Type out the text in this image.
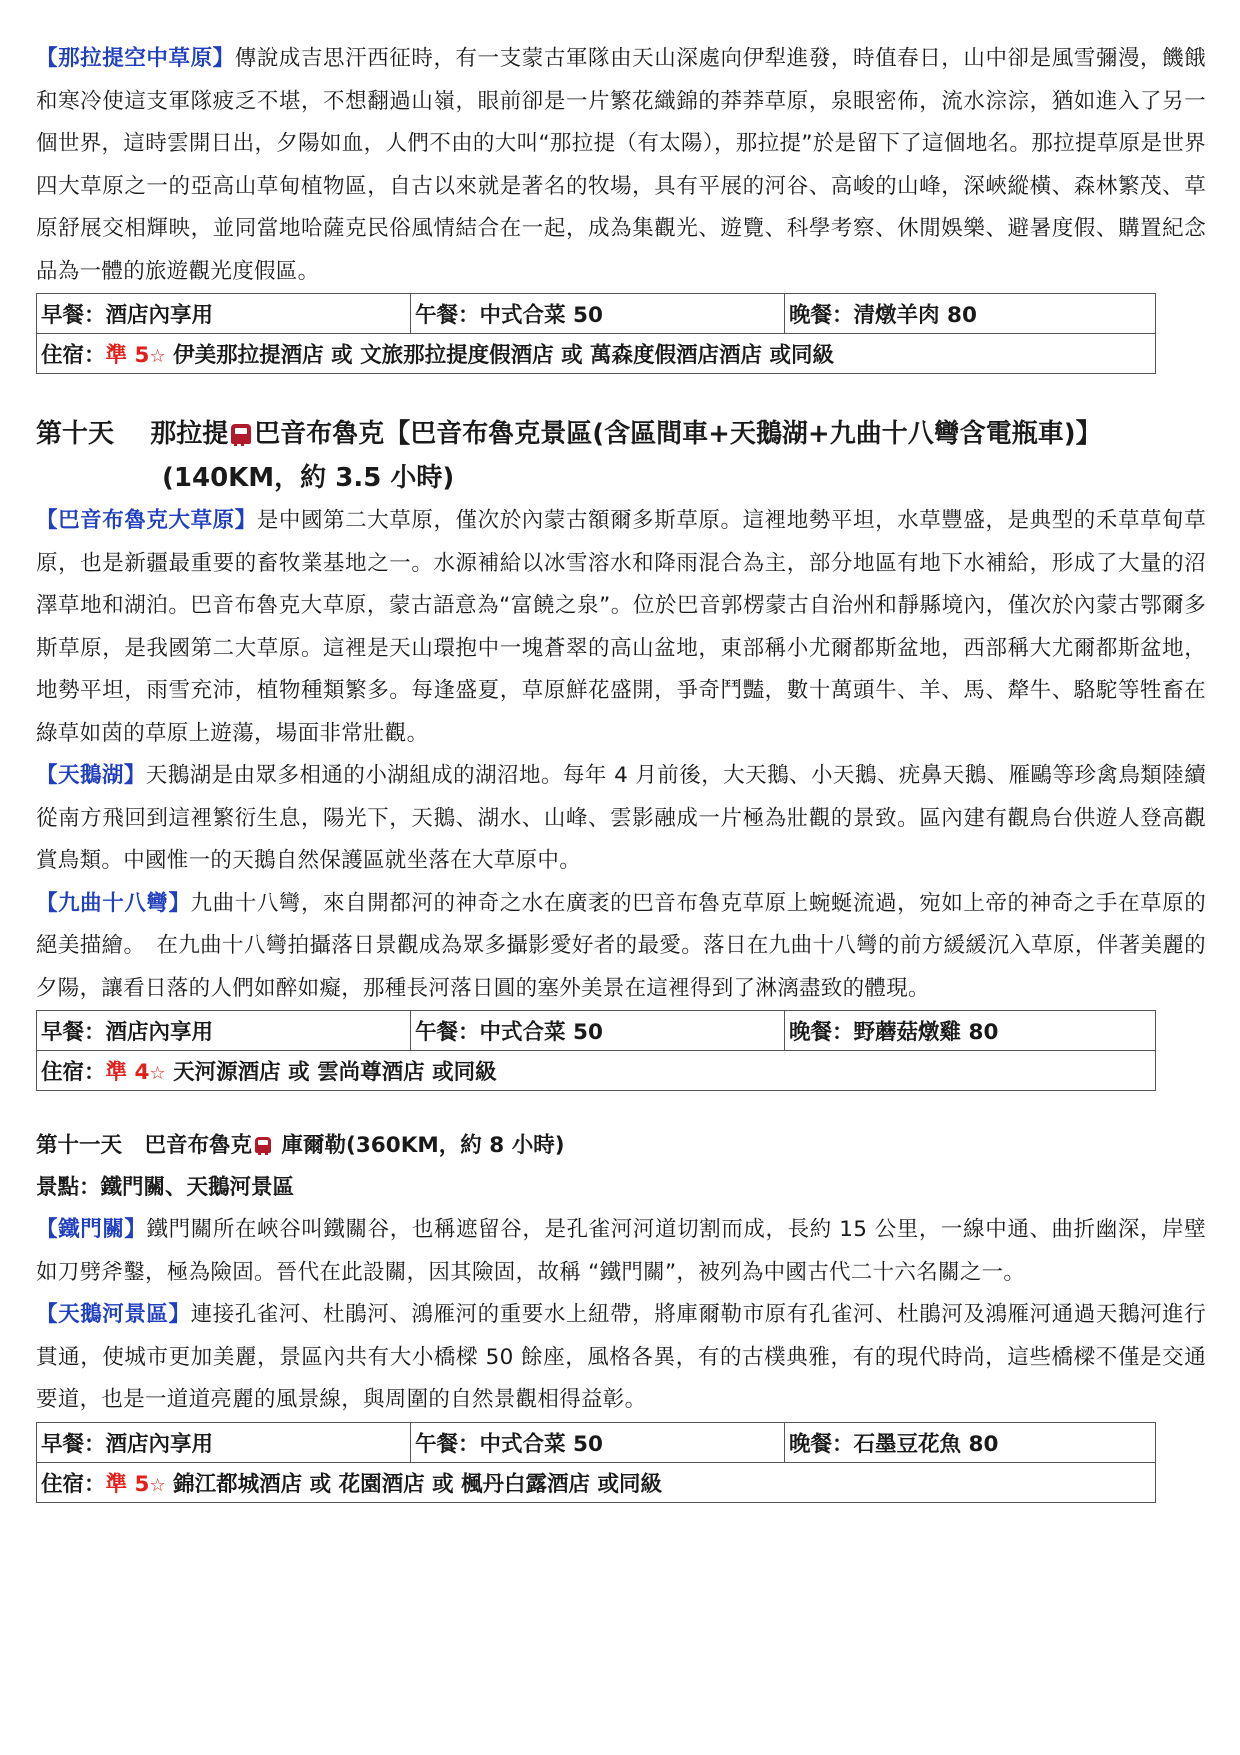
【那拉提空中草原】傳說成吉思汗西征時，有一支蒙古軍隊由天山深處向伊犁進發，時值春日，山中卻是風雪彌漫，饑餓和寒冷使這支軍隊疲乏不堪，不想翻過山嶺，眼前卻是一片繁花織錦的莽莽草原，泉眼密佈，流水淙淙，猶如進入了另一個世界，這時雲開日出，夕陽如血，人們不由的大叫“那拉提（有太陽），那拉提”於是留下了這個地名。那拉提草原是世界四大草原之一的亞高山草甸植物區，自古以來就是著名的牧場，具有平展的河谷、高峻的山峰，深峽縱橫、森林繁茂、草原舒展交相輝映，並同當地哈薩克民俗風情結合在一起，成為集觀光、遊覽、科學考察、休閒娛樂、避暑度假、購置紀念品為一體的旅遊觀光度假區。

早餐：酒店內享用	午餐：中式合菜 50	晚餐：清燉羊肉 80
住宿：準 5☆ 伊美那拉提酒店 或 文旅那拉提度假酒店 或 萬森度假酒店酒店 或同級
第十天 那拉提 巴音布魯克【巴音布魯克景區(含區間車+天鵝湖+九曲十八彎含電瓶車)】
(140KM，約 3.5 小時)

【巴音布魯克大草原】是中國第二大草原，僅次於內蒙古額爾多斯草原。這裡地勢平坦，水草豐盛，是典型的禾草草甸草原，也是新疆最重要的畜牧業基地之一。水源補給以冰雪溶水和降雨混合為主，部分地區有地下水補給，形成了大量的沼澤草地和湖泊。巴音布魯克大草原，蒙古語意為“富饒之泉”。位於巴音郭楞蒙古自治州和靜縣境內，僅次於內蒙古鄂爾多斯草原，是我國第二大草原。這裡是天山環抱中一塊蒼翠的高山盆地，東部稱小尤爾都斯盆地，西部稱大尤爾都斯盆地，地勢平坦，雨雪充沛，植物種類繁多。每逢盛夏，草原鮮花盛開，爭奇鬥豔，數十萬頭牛、羊、馬、犛牛、駱駝等牲畜在綠草如茵的草原上遊蕩，場面非常壯觀。

【天鵝湖】天鵝湖是由眾多相通的小湖組成的湖沼地。每年 4 月前後，大天鵝、小天鵝、疣鼻天鵝、雁鷗等珍禽鳥類陸續從南方飛回到這裡繁衍生息，陽光下，天鵝、湖水、山峰、雲影融成一片極為壯觀的景致。區內建有觀鳥台供遊人登高觀賞鳥類。中國惟一的天鵝自然保護區就坐落在大草原中。

【九曲十八彎】九曲十八彎，來自開都河的神奇之水在廣袤的巴音布魯克草原上蜿蜒流過，宛如上帝的神奇之手在草原的絕美描繪。　在九曲十八彎拍攝落日景觀成為眾多攝影愛好者的最愛。落日在九曲十八彎的前方緩緩沉入草原，伴著美麗的夕陽，讓看日落的人們如醉如癡，那種長河落日圓的塞外美景在這裡得到了淋漓盡致的體現。

早餐：酒店內享用	午餐：中式合菜 50	晚餐：野蘑菇燉雞 80
住宿：準 4☆ 天河源酒店 或 雲尚尊酒店 或同級

第十一天 巴音布魯克 庫爾勒(360KM，約 8 小時)

景點：鐵門關、天鵝河景區

【鐵門關】鐵門關所在峽谷叫鐵關谷，也稱遮留谷，是孔雀河河道切割而成，長約 15 公里，一線中通、曲折幽深，岸壁如刀劈斧鑿，極為險固。晉代在此設關，因其險固，故稱 “鐵門關”，被列為中國古代二十六名關之一。

【天鵝河景區】連接孔雀河、杜鵑河、鴻雁河的重要水上紐帶，將庫爾勒市原有孔雀河、杜鵑河及鴻雁河通過天鵝河進行貫通，使城市更加美麗，景區內共有大小橋樑 50 餘座，風格各異，有的古樸典雅，有的現代時尚，這些橋樑不僅是交通要道，也是一道道亮麗的風景線，與周圍的自然景觀相得益彰。

早餐：酒店內享用	午餐：中式合菜 50	晚餐：石墨豆花魚 80
住宿：準 5☆ 錦江都城酒店 或 花園酒店 或 楓丹白露酒店 或同級
